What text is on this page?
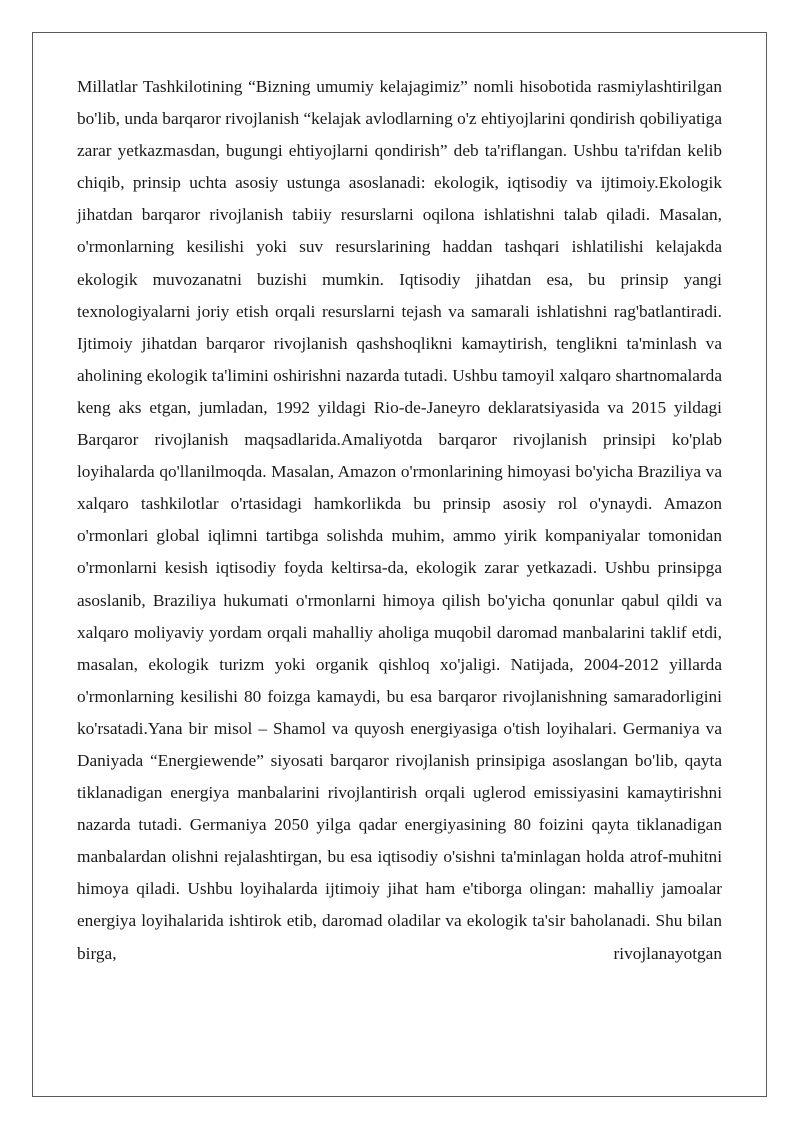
Millatlar Tashkilotining “Bizning umumiy kelajagimiz” nomli hisobotida rasmiylashtirilgan bo'lib, unda barqaror rivojlanish “kelajak avlodlarning o'z ehtiyojlarini qondirish qobiliyatiga zarar yetkazmasdan, bugungi ehtiyojlarni qondirish” deb ta'riflangan. Ushbu ta'rifdan kelib chiqib, prinsip uchta asosiy ustunga asoslanadi: ekologik, iqtisodiy va ijtimoiy.Ekologik jihatdan barqaror rivojlanish tabiiy resurslarni oqilona ishlatishni talab qiladi. Masalan, o'rmonlarning kesilishi yoki suv resurslarining haddan tashqari ishlatilishi kelajakda ekologik muvozanatni buzishi mumkin. Iqtisodiy jihatdan esa, bu prinsip yangi texnologiyalarni joriy etish orqali resurslarni tejash va samarali ishlatishni rag'batlantiradi. Ijtimoiy jihatdan barqaror rivojlanish qashshoqlikni kamaytirish, tenglikni ta'minlash va aholining ekologik ta'limini oshirishni nazarda tutadi. Ushbu tamoyil xalqaro shartnomalarda keng aks etgan, jumladan, 1992 yildagi Rio-de-Janeyro deklaratsiyasida va 2015 yildagi Barqaror rivojlanish maqsadlarida.Amaliyotda barqaror rivojlanish prinsipi ko'plab loyihalarda qo'llanilmoqda. Masalan, Amazon o'rmonlarining himoyasi bo'yicha Braziliya va xalqaro tashkilotlar o'rtasidagi hamkorlikda bu prinsip asosiy rol o'ynaydi. Amazon o'rmonlari global iqlimni tartibga solishda muhim, ammo yirik kompaniyalar tomonidan o'rmonlarni kesish iqtisodiy foyda keltirsa-da, ekologik zarar yetkazadi. Ushbu prinsipga asoslanib, Braziliya hukumati o'rmonlarni himoya qilish bo'yicha qonunlar qabul qildi va xalqaro moliyaviy yordam orqali mahalliy aholiga muqobil daromad manbalarini taklif etdi, masalan, ekologik turizm yoki organik qishloq xo'jaligi. Natijada, 2004-2012 yillarda o'rmonlarning kesilishi 80 foizga kamaydi, bu esa barqaror rivojlanishning samaradorligini ko'rsatadi.Yana bir misol – Shamol va quyosh energiyasiga o'tish loyihalari. Germaniya va Daniyada “Energiewende” siyosati barqaror rivojlanish prinsipiga asoslangan bo'lib, qayta tiklanadigan energiya manbalarini rivojlantirish orqali uglerod emissiyasini kamaytirishni nazarda tutadi. Germaniya 2050 yilga qadar energiyasining 80 foizini qayta tiklanadigan manbalardan olishni rejalashtirgan, bu esa iqtisodiy o'sishni ta'minlagan holda atrof-muhitni himoya qiladi. Ushbu loyihalarda ijtimoiy jihat ham e'tiborga olingan: mahalliy jamoalar energiya loyihalarida ishtirok etib, daromad oladilar va ekologik ta'sir baholanadi. Shu bilan birga, rivojlanayotgan
